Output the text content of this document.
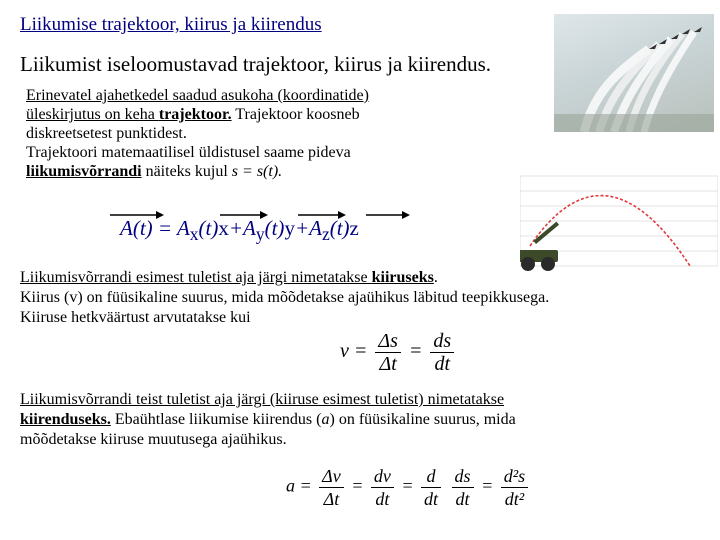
Liikumise trajektoor, kiirus ja kiirendus
Liikumist iseloomustavad trajektoor, kiirus ja kiirendus.
Erinevatel ajahetkedel saadud asukoha (koordinatide)
üleskirjutus on keha trajektoor. Trajektoor koosneb
diskreetsetest punktidest.
Trajektoori matemaatilisel üldistusel saame pideva
liikumisvõrrandi näiteks kujul s = s(t).
$A(t) = A_x(t)x+A_y(t)y+A_z(t)z$
Liikumisvõrrandi esimest tuletist aja järgi nimetatakse kiiruseks.
Kiirus (v) on füüsikaline suurus, mida mõõdetakse ajaühikus läbitud teepikkusega.
Kiiruse hetkväärtust arvutatakse kui
$v = \frac{\Delta s}{\Delta t} = \frac{ds}{dt}$
Liikumisvõrrandi teist tuletist aja järgi (kiiruse esimest tuletist) nimetatakse
kiirenduseks. Ebaühtlase liikumise kiirendus (a) on füüsikaline suurus, mida
mõõdetakse kiiruse muutusega ajaühikus.
$a = \frac{\Delta v}{\Delta t} = \frac{dv}{dt} = \frac{d}{dt}$
$\frac{ds}{dt} = \frac{\text{d²s}}{\text{dt²}}$
